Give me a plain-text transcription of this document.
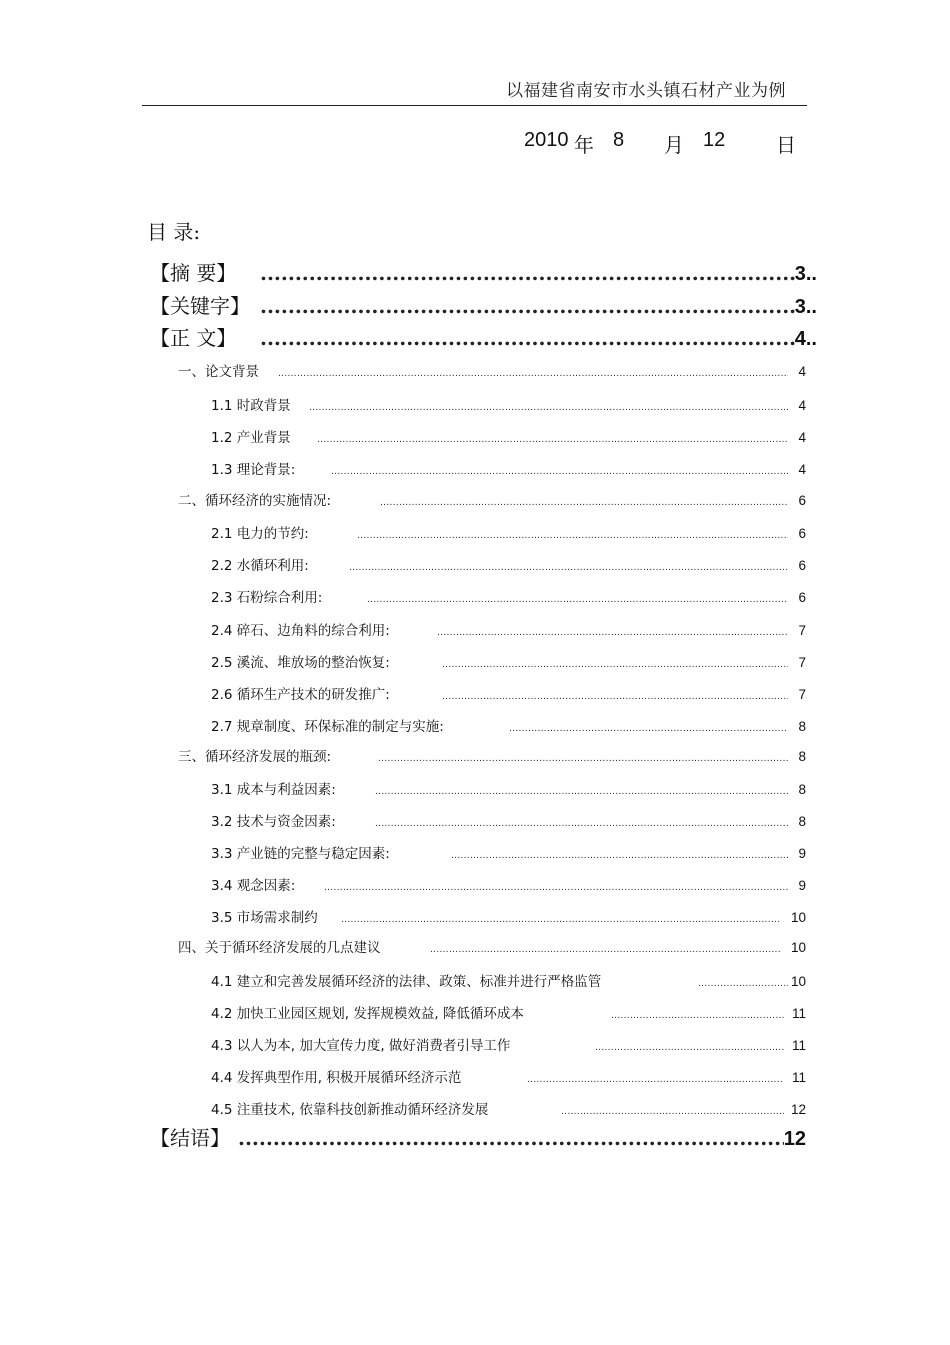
以福建省南安市水头镇石材产业为例
2010 年 8 月 12	日
目 录:
【摘 要】 .....	3..
【关键字】 .....	3..
【正 文】 .....	4..
一、论文背景 .....	4
1.1 时政背景 .....	4
1.2 产业背景 .....	4
1.3 理论背景: .....	4
二、循环经济的实施情况: .....	6
2.1 电力的节约: .....	6
2.2 水循环利用: .....	6
2.3 石粉综合利用: .....	6
2.4 碎石、边角料的综合利用: .....	7
2.5 溪流、堆放场的整治恢复: .....	7
2.6 循环生产技术的研发推广: .....	7
2.7 规章制度、环保标准的制定与实施: .....	8
三、循环经济发展的瓶颈: .....	8
3.1 成本与利益因素: .....	8
3.2 技术与资金因素: .....	8
3.3 产业链的完整与稳定因素: .....	9
3.4 观念因素: .....	9
3.5 市场需求制约 .....	10
四、关于循环经济发展的几点建议 .....	10
4.1 建立和完善发展循环经济的法律、政策、标准并进行严格监管 .....	10
4.2 加快工业园区规划, 发挥规模效益, 降低循环成本 .....	11
4.3 以人为本, 加大宣传力度, 做好消费者引导工作 .....	11
4.4 发挥典型作用, 积极开展循环经济示范 .....	11
4.5 注重技术, 依靠科技创新推动循环经济发展 .....	12
【结语】 .....	12
